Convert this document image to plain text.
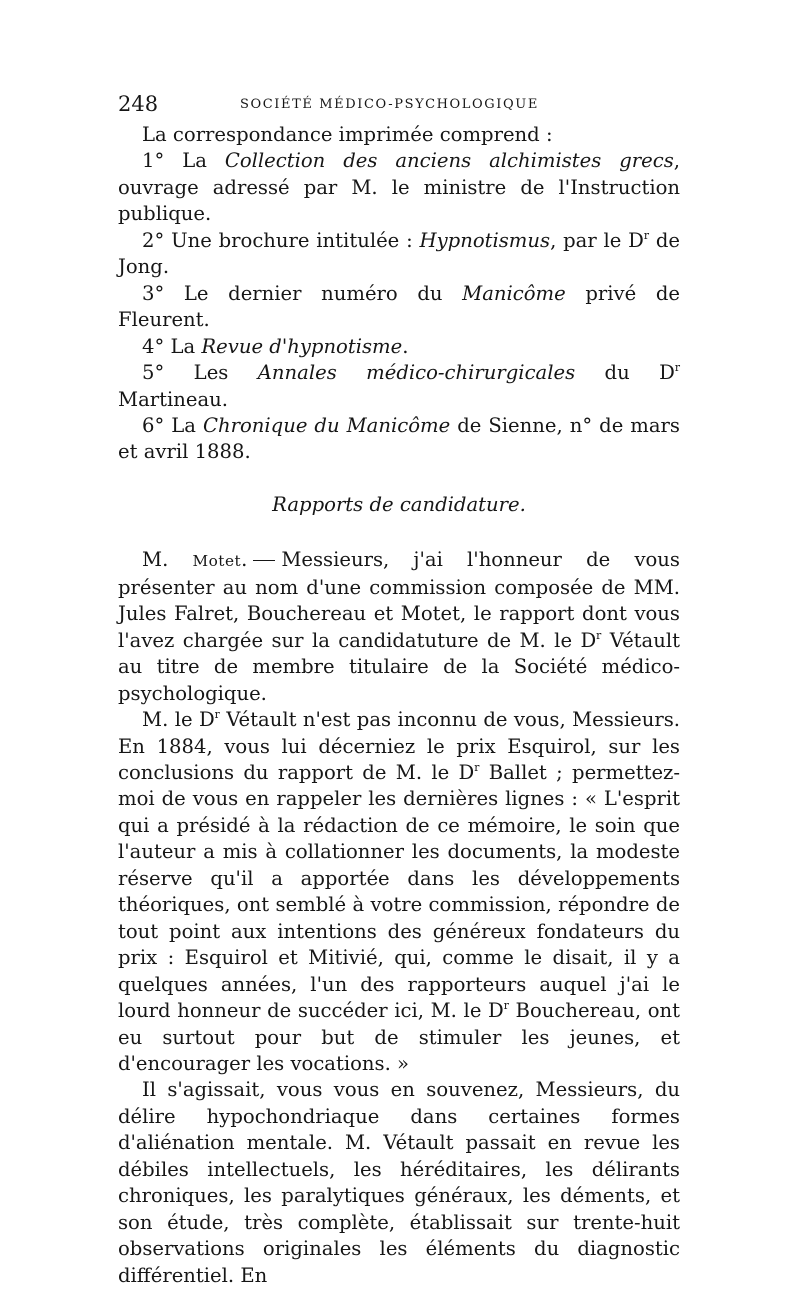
248	SOCIÉTÉ MÉDICO-PSYCHOLOGIQUE

La correspondance imprimée comprend :

1° La Collection des anciens alchimistes grecs, ouvrage adressé par M. le ministre de l'Instruction publique.

2° Une brochure intitulée : Hypnotismus, par le $D^r$ de Jong.

3° Le dernier numéro du Manicôme privé de Fleurent.

4° La Revue d'hypnotisme.

5° Les Annales médico-chirurgicales du $D^r$ Martineau.

6° La Chronique du Manicôme de Sienne, n° de mars et avril 1888.

Rapports de candidature.

M. Motet. Messieurs, j'ai l'honneur de vous présenter au nom d'une commission composée de MM. Jules Falret, Bouchereau et Motet, le rapport dont vous l'avez chargée sur la candidatuture de M. le $D^r$ Vétault au titre de membre titulaire de la Société médico-psychologique.

M. le $D^r$ Vétault n'est pas inconnu de vous, Messieurs. En 1884, vous lui décerniez le prix Esquirol, sur les conclusions du rapport de M. le $D^r$ Ballet ; permettez-moi de vous en rappeler les dernières lignes : « L'esprit qui a présidé à la rédaction de ce mémoire, le soin que l'auteur a mis à collationner les documents, la modeste réserve qu'il a apportée dans les développements théoriques, ont semblé à votre commission, répondre de tout point aux intentions des généreux fondateurs du prix : Esquirol et Mitivié, qui, comme le disait, il y a quelques années, l'un des rapporteurs auquel j'ai le lourd honneur de succéder ici, M. le $D^r$ Bouchereau, ont eu surtout pour but de stimuler les jeunes, et d'encourager les vocations. »

Il s'agissait, vous vous en souvenez, Messieurs, du délire hypochondriaque dans certaines formes d'aliénation mentale. M. Vétault passait en revue les débiles intellectuels, les héréditaires, les délirants chroniques, les paralytiques généraux, les déments, et son étude, très complète, établissait sur trente-huit observations originales les éléments du diagnostic différentiel. En
